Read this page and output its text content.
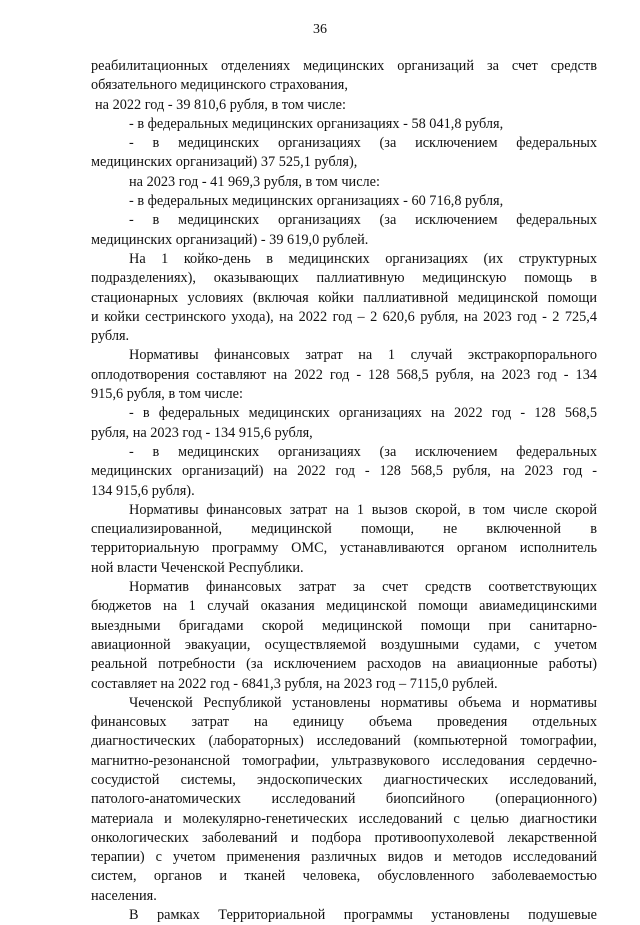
36
реабилитационных отделениях медицинских организаций за счет средств
обязательного медицинского страхования,
на 2022 год - 39 810,6 рубля, в том числе:
- в федеральных медицинских организациях - 58 041,8 рубля,
- в медицинских организациях (за исключением федеральных
медицинских организаций) 37 525,1 рубля),
на 2023 год - 41 969,3 рубля, в том числе:
- в федеральных медицинских организациях - 60 716,8 рубля,
- в медицинских организациях (за исключением федеральных
медицинских организаций) - 39 619,0 рублей.
На 1 койко-день в медицинских организациях (их структурных
подразделениях), оказывающих паллиативную медицинскую помощь в
стационарных условиях (включая койки паллиативной медицинской помощи
и койки сестринского ухода), на 2022 год – 2 620,6 рубля, на 2023 год - 2 725,4
рубля.
Нормативы финансовых затрат на 1 случай экстракорпорального
оплодотворения составляют на 2022 год - 128 568,5 рубля, на 2023 год - 134
915,6 рубля, в том числе:
- в федеральных медицинских организациях на 2022 год - 128 568,5
рубля, на 2023 год - 134 915,6 рубля,
- в медицинских организациях (за исключением федеральных
медицинских организаций) на 2022 год - 128 568,5 рубля, на 2023 год -
134 915,6 рубля).
Нормативы финансовых затрат на 1 вызов скорой, в том числе скорой
специализированной, медицинской помощи, не включенной в
территориальную программу ОМС, устанавливаются органом исполнитель
ной власти Чеченской Республики.
Норматив финансовых затрат за счет средств соответствующих
бюджетов на 1 случай оказания медицинской помощи авиамедицинскими
выездными бригадами скорой медицинской помощи при санитарно-
авиационной эвакуации, осуществляемой воздушными судами, с учетом
реальной потребности (за исключением расходов на авиационные работы)
составляет на 2022 год - 6841,3 рубля, на 2023 год – 7115,0 рублей.
Чеченской Республикой установлены нормативы объема и нормативы
финансовых затрат на единицу объема проведения отдельных
диагностических (лабораторных) исследований (компьютерной томографии,
магнитно-резонансной томографии, ультразвукового исследования сердечно-
сосудистой системы, эндоскопических диагностических исследований,
патолого-анатомических исследований биопсийного (операционного)
материала и молекулярно-генетических исследований с целью диагностики
онкологических заболеваний и подбора противоопухолевой лекарственной
терапии) с учетом применения различных видов и методов исследований
систем, органов и тканей человека, обусловленного заболеваемостью
населения.
В рамках Территориальной программы установлены подушевые
